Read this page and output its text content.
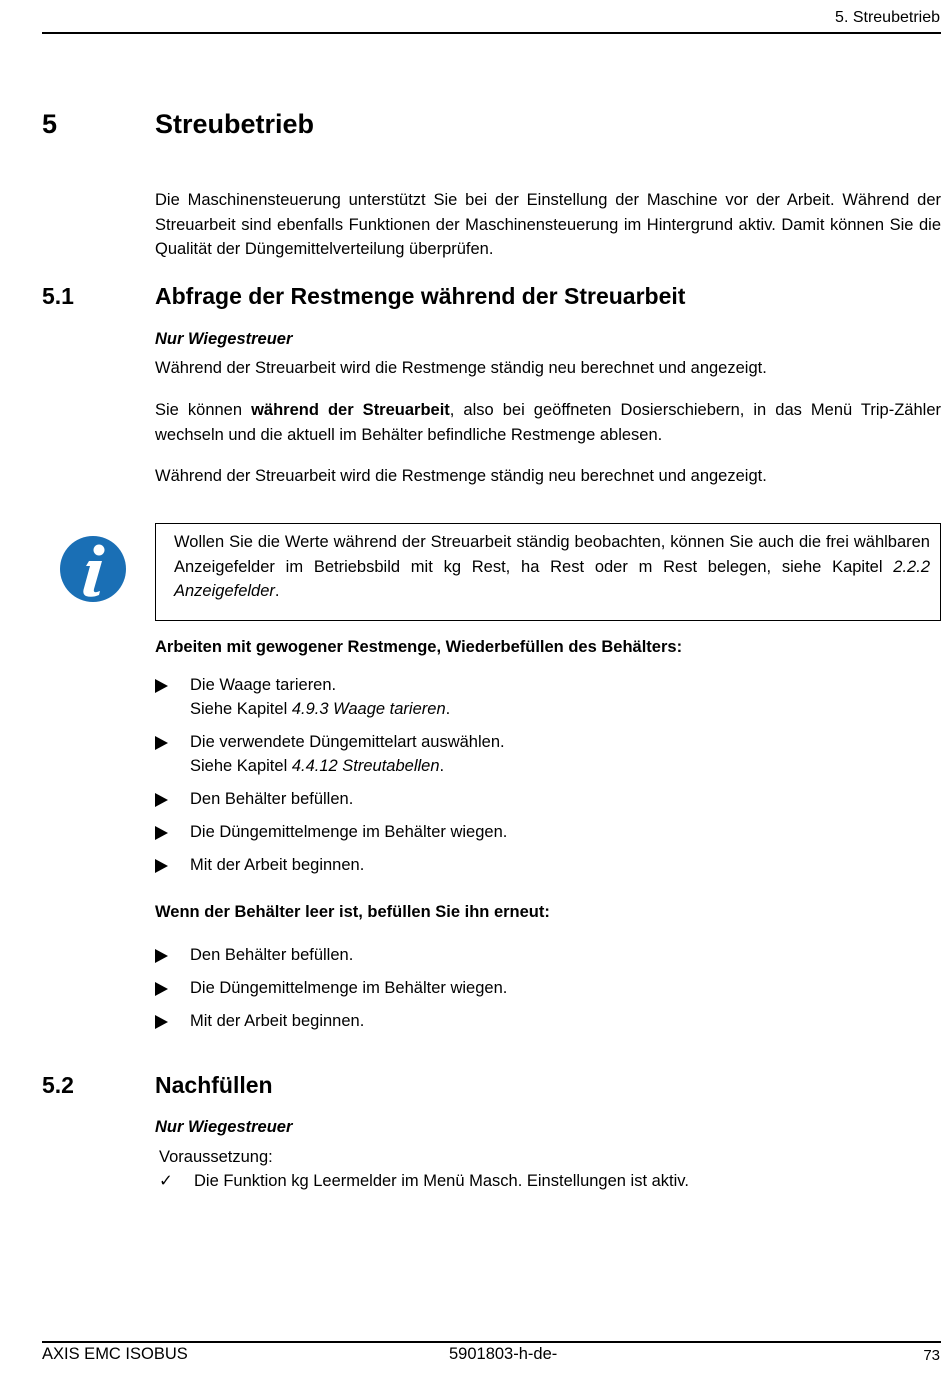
5. Streubetrieb
5	Streubetrieb
Die Maschinensteuerung unterstützt Sie bei der Einstellung der Maschine vor der Arbeit. Während der Streuarbeit sind ebenfalls Funktionen der Maschinensteuerung im Hintergrund aktiv. Damit können Sie die Qualität der Düngemittelverteilung überprüfen.
5.1	Abfrage der Restmenge während der Streuarbeit
Nur Wiegestreuer
Während der Streuarbeit wird die Restmenge ständig neu berechnet und angezeigt.
Sie können während der Streuarbeit, also bei geöffneten Dosierschiebern, in das Menü Trip-Zähler wechseln und die aktuell im Behälter befindliche Restmenge ablesen.
Während der Streuarbeit wird die Restmenge ständig neu berechnet und angezeigt.
Wollen Sie die Werte während der Streuarbeit ständig beobachten, können Sie auch die frei wählbaren Anzeigefelder im Betriebsbild mit kg Rest, ha Rest oder m Rest belegen, siehe Kapitel 2.2.2 Anzeigefelder.
Arbeiten mit gewogener Restmenge, Wiederbefüllen des Behälters:
Die Waage tarieren.
Siehe Kapitel 4.9.3 Waage tarieren.
Die verwendete Düngemittelart auswählen.
Siehe Kapitel 4.4.12 Streutabellen.
Den Behälter befüllen.
Die Düngemittelmenge im Behälter wiegen.
Mit der Arbeit beginnen.
Wenn der Behälter leer ist, befüllen Sie ihn erneut:
Den Behälter befüllen.
Die Düngemittelmenge im Behälter wiegen.
Mit der Arbeit beginnen.
5.2	Nachfüllen
Nur Wiegestreuer
Voraussetzung:
✓ Die Funktion kg Leermelder im Menü Masch. Einstellungen ist aktiv.
AXIS EMC ISOBUS	5901803-h-de-	73
